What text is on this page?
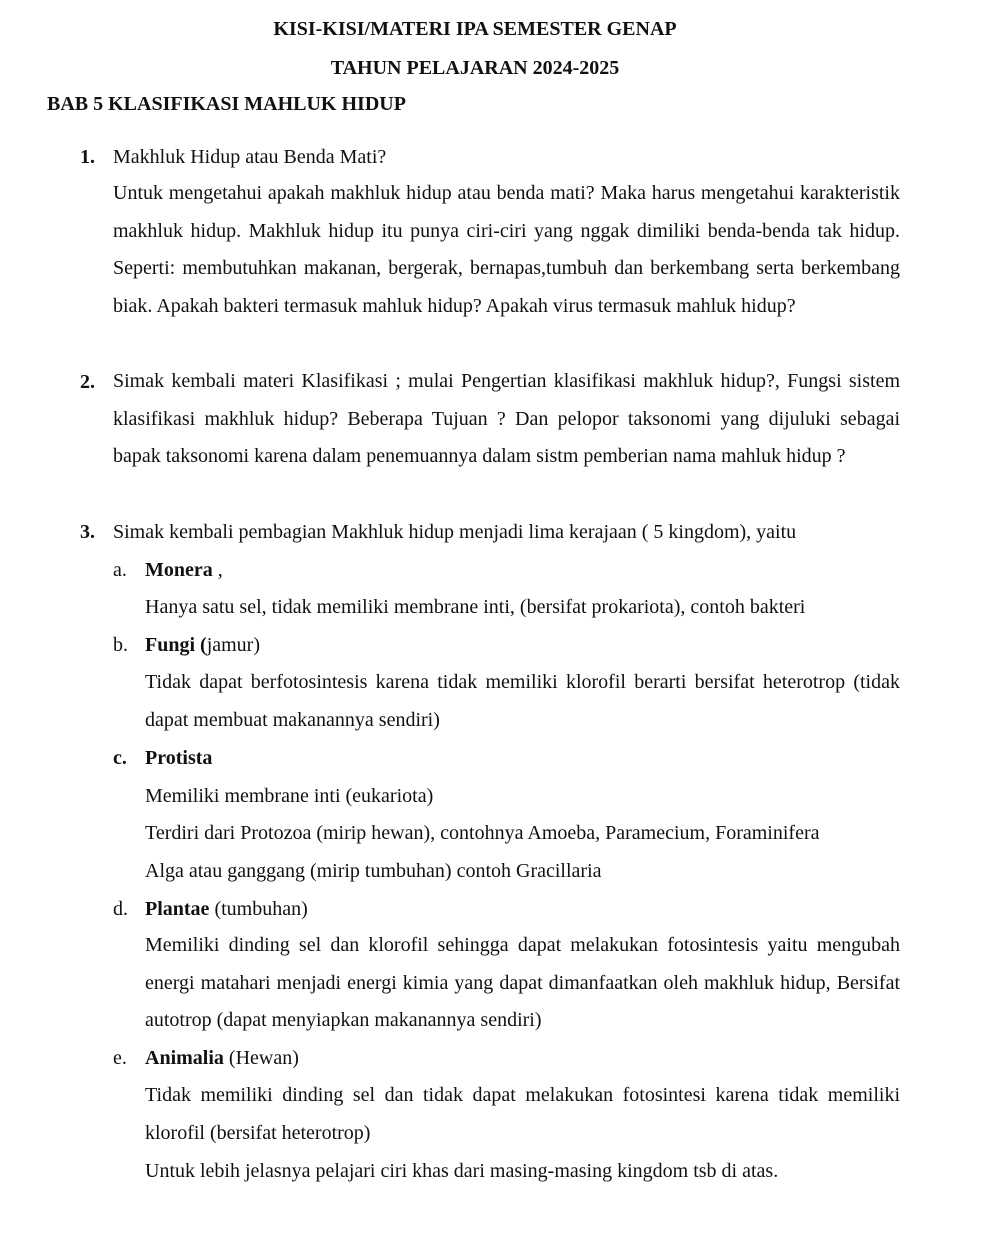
KISI-KISI/MATERI IPA SEMESTER GENAP
TAHUN PELAJARAN 2024-2025
BAB 5 KLASIFIKASI MAHLUK HIDUP
1. Makhluk Hidup atau Benda Mati?

Untuk mengetahui apakah makhluk hidup atau benda mati? Maka harus mengetahui karakteristik makhluk hidup. Makhluk hidup itu punya ciri-ciri yang nggak dimiliki benda-benda tak hidup. Seperti: membutuhkan makanan, bergerak, bernapas,tumbuh dan berkembang serta berkembang biak. Apakah bakteri termasuk mahluk hidup? Apakah virus termasuk mahluk hidup?

2. Simak kembali materi Klasifikasi ; mulai Pengertian klasifikasi makhluk hidup?, Fungsi sistem klasifikasi makhluk hidup? Beberapa Tujuan ? Dan pelopor taksonomi yang dijuluki sebagai bapak taksonomi karena dalam penemuannya dalam sistm pemberian nama mahluk hidup ?

3. Simak kembali pembagian Makhluk hidup menjadi lima kerajaan ( 5 kingdom), yaitu
a. Monera ,
Hanya satu sel, tidak memiliki membrane inti, (bersifat prokariota), contoh bakteri
b. Fungi (jamur)

Tidak dapat berfotosintesis karena tidak memiliki klorofil berarti bersifat heterotrop (tidak dapat membuat makanannya sendiri)

c. Protista
Memiliki membrane inti (eukariota)
Terdiri dari Protozoa (mirip hewan), contohnya Amoeba, Paramecium, Foraminifera
Alga atau ganggang (mirip tumbuhan) contoh Gracillaria
d. Plantae (tumbuhan)

Memiliki dinding sel dan klorofil sehingga dapat melakukan fotosintesis yaitu mengubah energi matahari menjadi energi kimia yang dapat dimanfaatkan oleh makhluk hidup, Bersifat autotrop (dapat menyiapkan makanannya sendiri)

e. Animalia (Hewan)

Tidak memiliki dinding sel dan tidak dapat melakukan fotosintesi karena tidak memiliki klorofil (bersifat heterotrop)

Untuk lebih jelasnya pelajari ciri khas dari masing-masing kingdom tsb di atas.
